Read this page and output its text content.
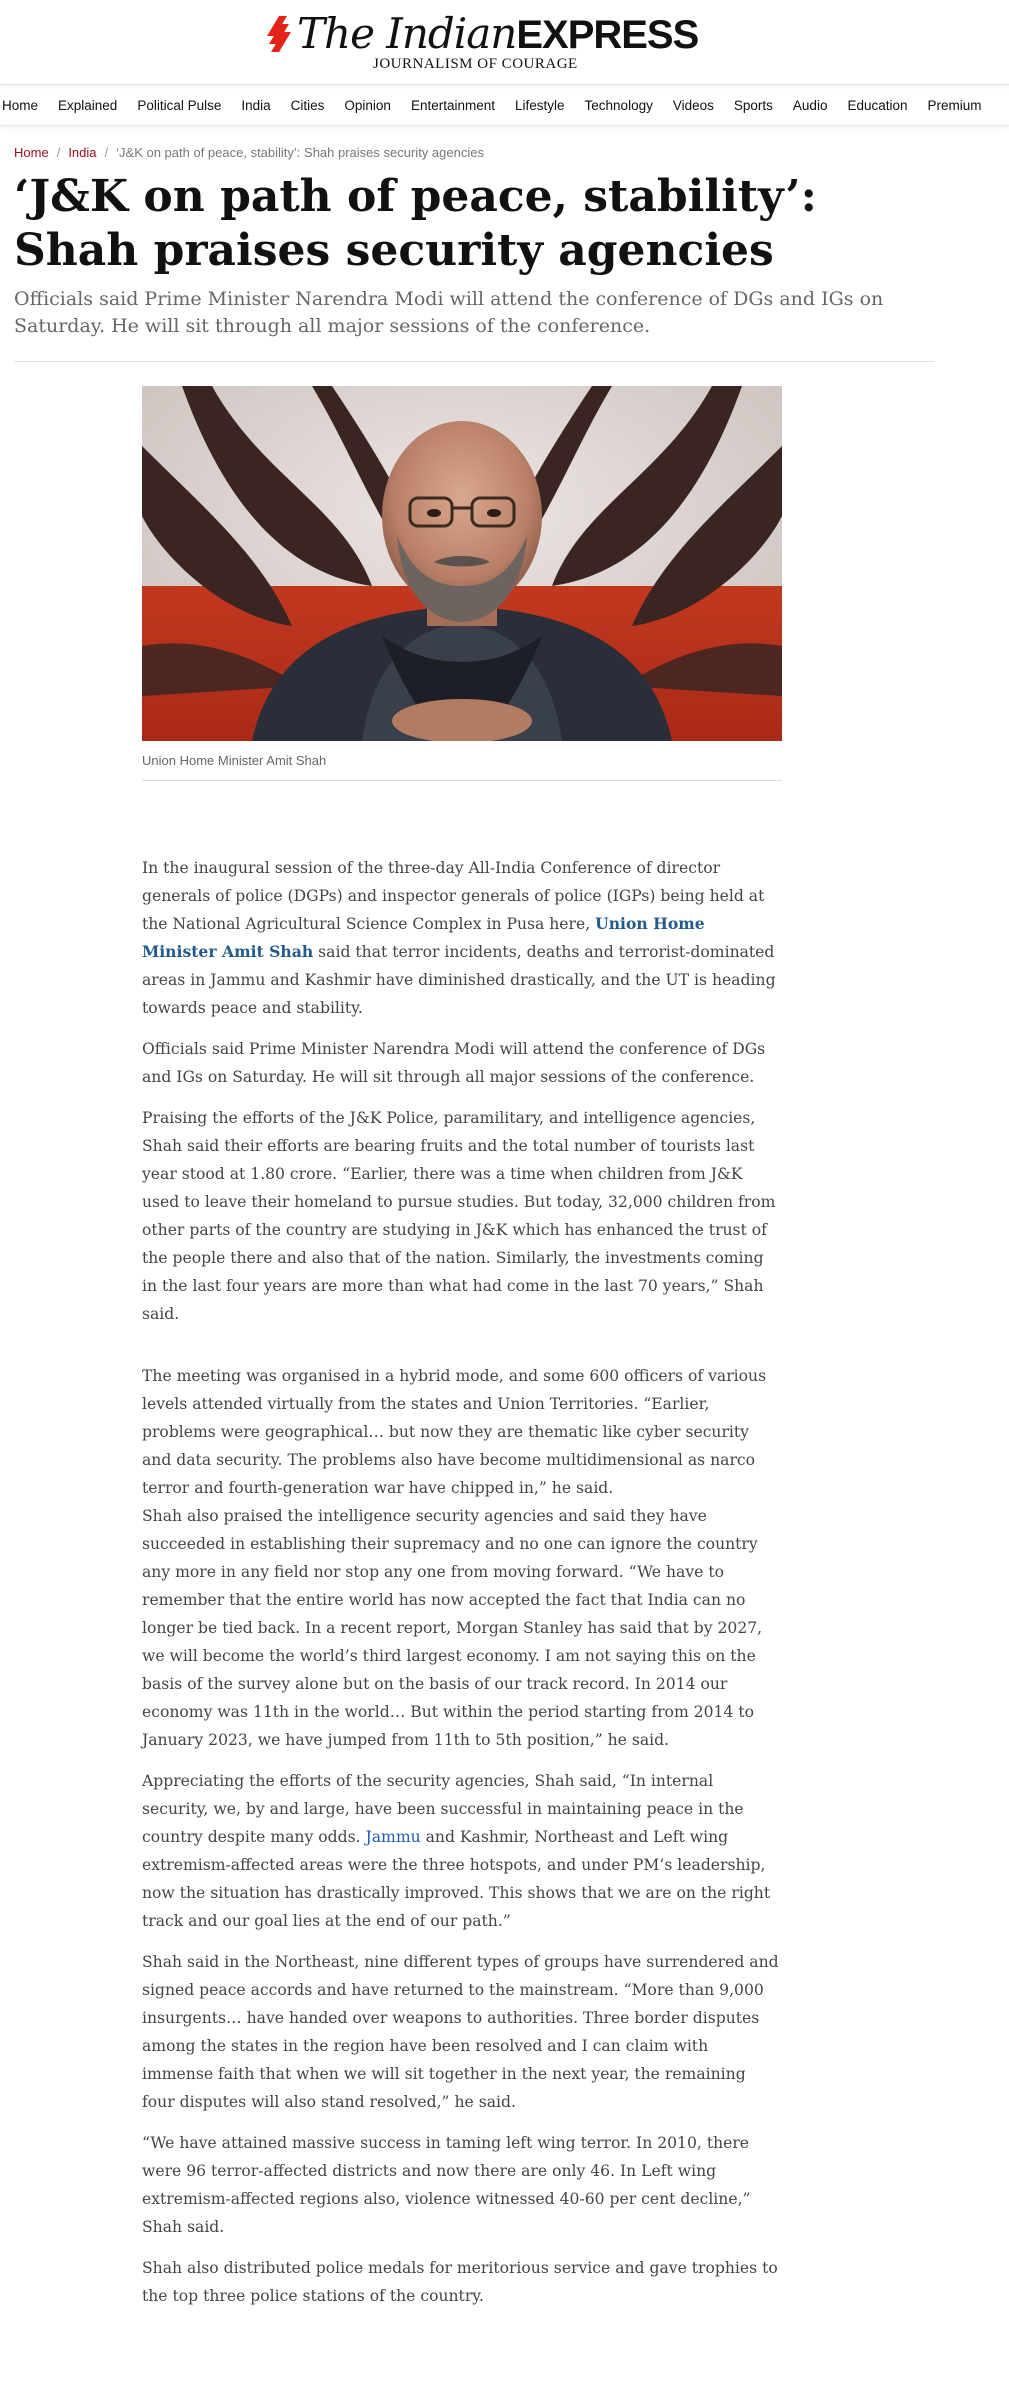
The IndianEXPRESS
JOURNALISM OF COURAGE
Home Explained Political Pulse India Cities Opinion Entertainment Lifestyle Technology Videos Sports Audio Education Premium
Home / India / ‘J&K on path of peace, stability’: Shah praises security agencies
‘J&K on path of peace, stability’: Shah praises security agencies

Officials said Prime Minister Narendra Modi will attend the conference of DGs and IGs on Saturday. He will sit through all major sessions of the conference.

Union Home Minister Amit Shah

In the inaugural session of the three-day All-India Conference of director generals of police (DGPs) and inspector generals of police (IGPs) being held at the National Agricultural Science Complex in Pusa here, Union Home Minister Amit Shah said that terror incidents, deaths and terrorist-dominated areas in Jammu and Kashmir have diminished drastically, and the UT is heading towards peace and stability.

Officials said Prime Minister Narendra Modi will attend the conference of DGs and IGs on Saturday. He will sit through all major sessions of the conference.

Praising the efforts of the J&K Police, paramilitary, and intelligence agencies, Shah said their efforts are bearing fruits and the total number of tourists last year stood at 1.80 crore. “Earlier, there was a time when children from J&K used to leave their homeland to pursue studies. But today, 32,000 children from other parts of the country are studying in J&K which has enhanced the trust of the people there and also that of the nation. Similarly, the investments coming in the last four years are more than what had come in the last 70 years,” Shah said.

The meeting was organised in a hybrid mode, and some 600 officers of various levels attended virtually from the states and Union Territories. “Earlier, problems were geographical… but now they are thematic like cyber security and data security. The problems also have become multidimensional as narco terror and fourth-generation war have chipped in,” he said.

Shah also praised the intelligence security agencies and said they have succeeded in establishing their supremacy and no one can ignore the country any more in any field nor stop any one from moving forward. “We have to remember that the entire world has now accepted the fact that India can no longer be tied back. In a recent report, Morgan Stanley has said that by 2027, we will become the world’s third largest economy. I am not saying this on the basis of the survey alone but on the basis of our track record. In 2014 our economy was 11th in the world… But within the period starting from 2014 to January 2023, we have jumped from 11th to 5th position,” he said.

Appreciating the efforts of the security agencies, Shah said, “In internal security, we, by and large, have been successful in maintaining peace in the country despite many odds. Jammu and Kashmir, Northeast and Left wing extremism-affected areas were the three hotspots, and under PM’s leadership, now the situation has drastically improved. This shows that we are on the right track and our goal lies at the end of our path.”

Shah said in the Northeast, nine different types of groups have surrendered and signed peace accords and have returned to the mainstream. “More than 9,000 insurgents… have handed over weapons to authorities. Three border disputes among the states in the region have been resolved and I can claim with immense faith that when we will sit together in the next year, the remaining four disputes will also stand resolved,” he said.

“We have attained massive success in taming left wing terror. In 2010, there were 96 terror-affected districts and now there are only 46. In Left wing extremism-affected regions also, violence witnessed 40-60 per cent decline,” Shah said.

Shah also distributed police medals for meritorious service and gave trophies to the top three police stations of the country.
